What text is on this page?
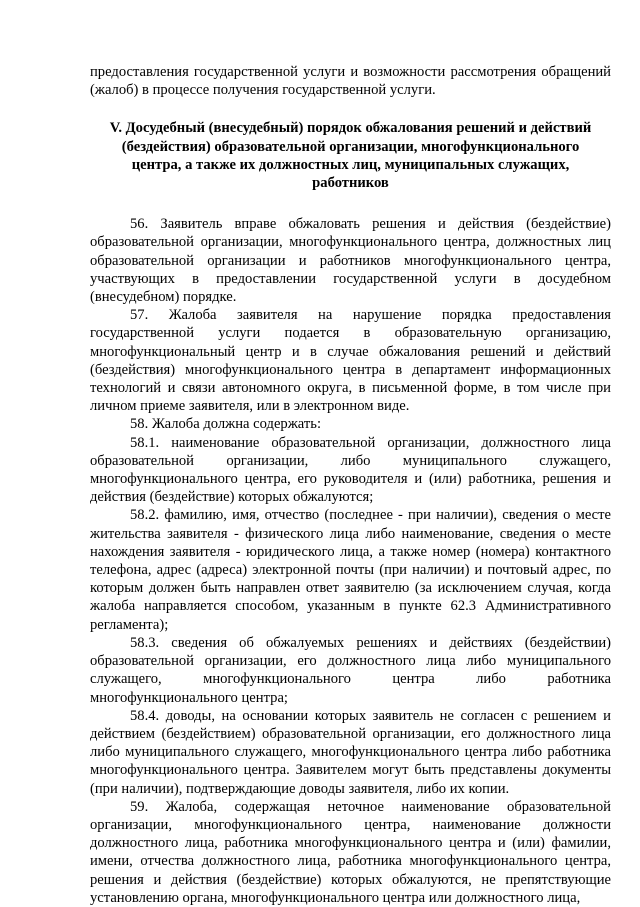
предоставления государственной услуги и возможности рассмотрения обращений (жалоб) в процессе получения государственной услуги.

V. Досудебный (внесудебный) порядок обжалования решений и действий (бездействия) образовательной организации, многофункционального центра, а также их должностных лиц, муниципальных служащих, работников

56. Заявитель вправе обжаловать решения и действия (бездействие) образовательной организации, многофункционального центра, должностных лиц образовательной организации и работников многофункционального центра, участвующих в предоставлении государственной услуги в досудебном (внесудебном) порядке.

57. Жалоба заявителя на нарушение порядка предоставления государственной услуги подается в образовательную организацию, многофункциональный центр и в случае обжалования решений и действий (бездействия) многофункционального центра в департамент информационных технологий и связи автономного округа, в письменной форме, в том числе при личном приеме заявителя, или в электронном виде.

58. Жалоба должна содержать:

58.1. наименование образовательной организации, должностного лица образовательной организации, либо муниципального служащего, многофункционального центра, его руководителя и (или) работника, решения и действия (бездействие) которых обжалуются;

58.2. фамилию, имя, отчество (последнее - при наличии), сведения о месте жительства заявителя - физического лица либо наименование, сведения о месте нахождения заявителя - юридического лица, а также номер (номера) контактного телефона, адрес (адреса) электронной почты (при наличии) и почтовый адрес, по которым должен быть направлен ответ заявителю (за исключением случая, когда жалоба направляется способом, указанным в пункте 62.3 Административного регламента);

58.3. сведения об обжалуемых решениях и действиях (бездействии) образовательной организации, его должностного лица либо муниципального служащего, многофункционального центра либо работника многофункционального центра;

58.4. доводы, на основании которых заявитель не согласен с решением и действием (бездействием) образовательной организации, его должностного лица либо муниципального служащего, многофункционального центра либо работника многофункционального центра. Заявителем могут быть представлены документы (при наличии), подтверждающие доводы заявителя, либо их копии.

59. Жалоба, содержащая неточное наименование образовательной организации, многофункционального центра, наименование должности должностного лица, работника многофункционального центра и (или) фамилии, имени, отчества должностного лица, работника многофункционального центра, решения и действия (бездействие) которых обжалуются, не препятствующие установлению органа, многофункционального центра или должностного лица,
